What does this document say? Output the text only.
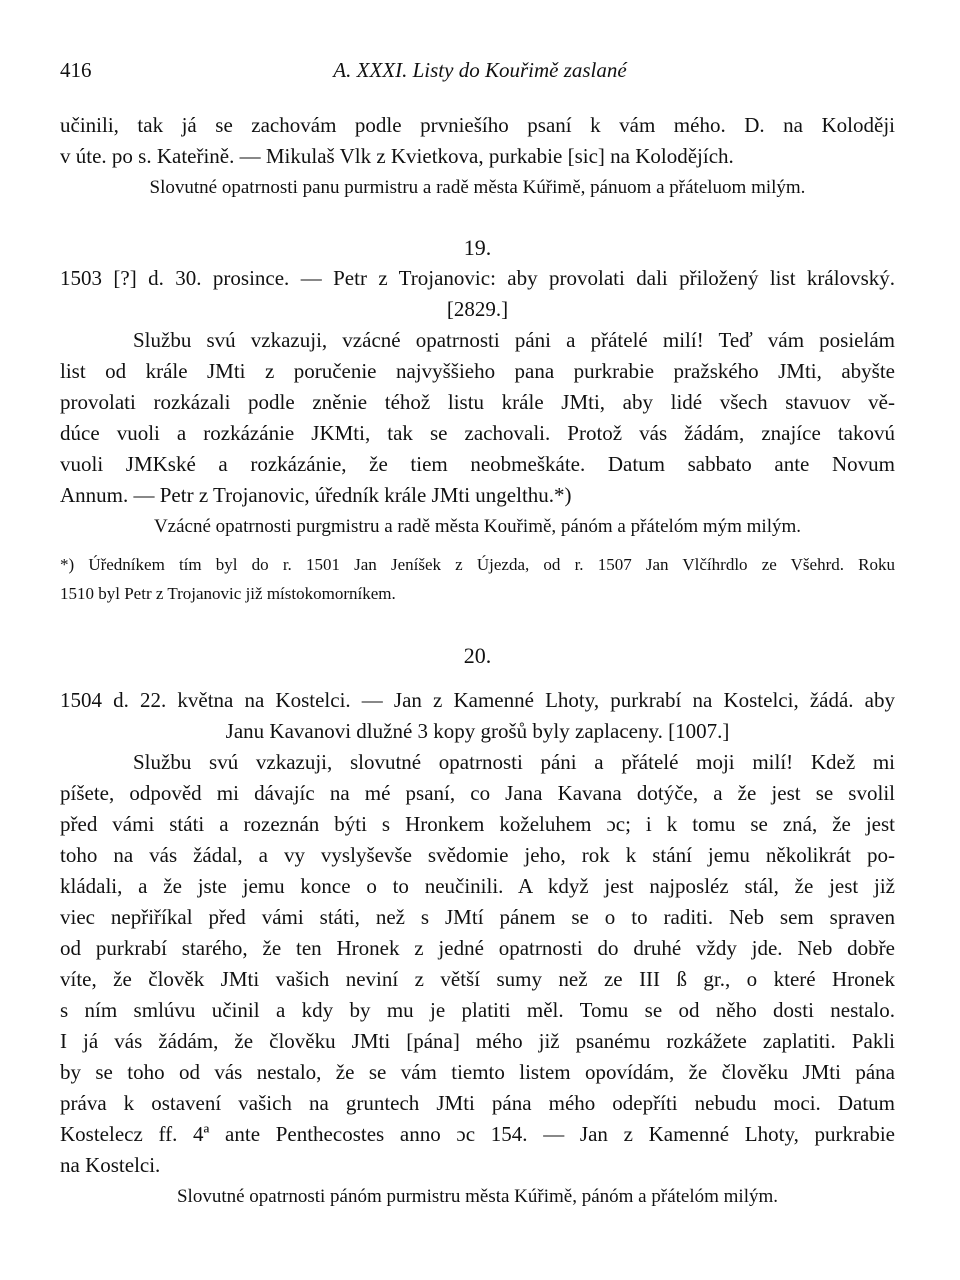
416	A. XXXI. Listy do Kouřimě zaslané
učinili, tak já se zachovám podle prvniešího psaní k vám mého. D. na Koloději
v úte. po s. Kateřině. — Mikulaš Vlk z Kvietkova, purkabie [sic] na Kolodějích.
Slovutné opatrnosti panu purmistru a radě města Kúřimě, pánuom a přáteluom milým.
19.
1503 [?] d. 30. prosince. — Petr z Trojanovic: aby provolati dali přiložený list královský.
[2829.]
Službu svú vzkazuji, vzácné opatrnosti páni a přátelé milí! Teď vám posielám
list od krále JMti z poručenie najvyššieho pana purkrabie pražského JMti, abyšte
provolati rozkázali podle zněnie téhož listu krále JMti, aby lidé všech stavuov vě-
dúce vuoli a rozkázánie JKMti, tak se zachovali. Protož vás žádám, znajíce takovú
vuoli JMKské a rozkázánie, že tiem neobmeškáte. Datum sabbato ante Novum
Annum. — Petr z Trojanovic, úředník krále JMti ungelthu.*)
Vzácné opatrnosti purgmistru a radě města Kouřimě, pánóm a přátelóm mým milým.
*) Úředníkem tím byl do r. 1501 Jan Jeníšek z Újezda, od r. 1507 Jan Vlčíhrdlo ze Všehrd. Roku
1510 byl Petr z Trojanovic již místokomorníkem.
20.
1504 d. 22. května na Kostelci. — Jan z Kamenné Lhoty, purkrabí na Kostelci, žádá. aby
Janu Kavanovi dlužné 3 kopy grošů byly zaplaceny. [1007.]
Službu svú vzkazuji, slovutné opatrnosti páni a přátelé moji milí! Kdež mi
píšete, odpověd mi dávajíc na mé psaní, co Jana Kavana dotýče, a že jest se svolil
před vámi státi a rozeznán býti s Hronkem koželuhem ɔc; i k tomu se zná, že jest
toho na vás žádal, a vy vyslyševše svědomie jeho, rok k stání jemu několikrát po-
kládali, a že jste jemu konce o to neučinili. A když jest najposléz stál, že jest již
viec nepřiříkal před vámi státi, než s JMtí pánem se o to raditi. Neb sem spraven
od purkrabí starého, že ten Hronek z jedné opatrnosti do druhé vždy jde. Neb dobře
víte, že člověk JMti vašich neviní z větší sumy než ze III ß gr., o které Hronek
s ním smlúvu učinil a kdy by mu je platiti měl. Tomu se od něho dosti nestalo.
I já vás žádám, že člověku JMti [pána] mého již psanému rozkážete zaplatiti. Pakli
by se toho od vás nestalo, že se vám tiemto listem opovídám, že člověku JMti pána
práva k ostavení vašich na gruntech JMti pána mého odepříti nebudu moci. Datum
Kostelecz ff. 4ª ante Penthecostes anno ɔc 154. — Jan z Kamenné Lhoty, purkrabie
na Kostelci.
Slovutné opatrnosti pánóm purmistru města Kúřimě, pánóm a přátelóm milým.
